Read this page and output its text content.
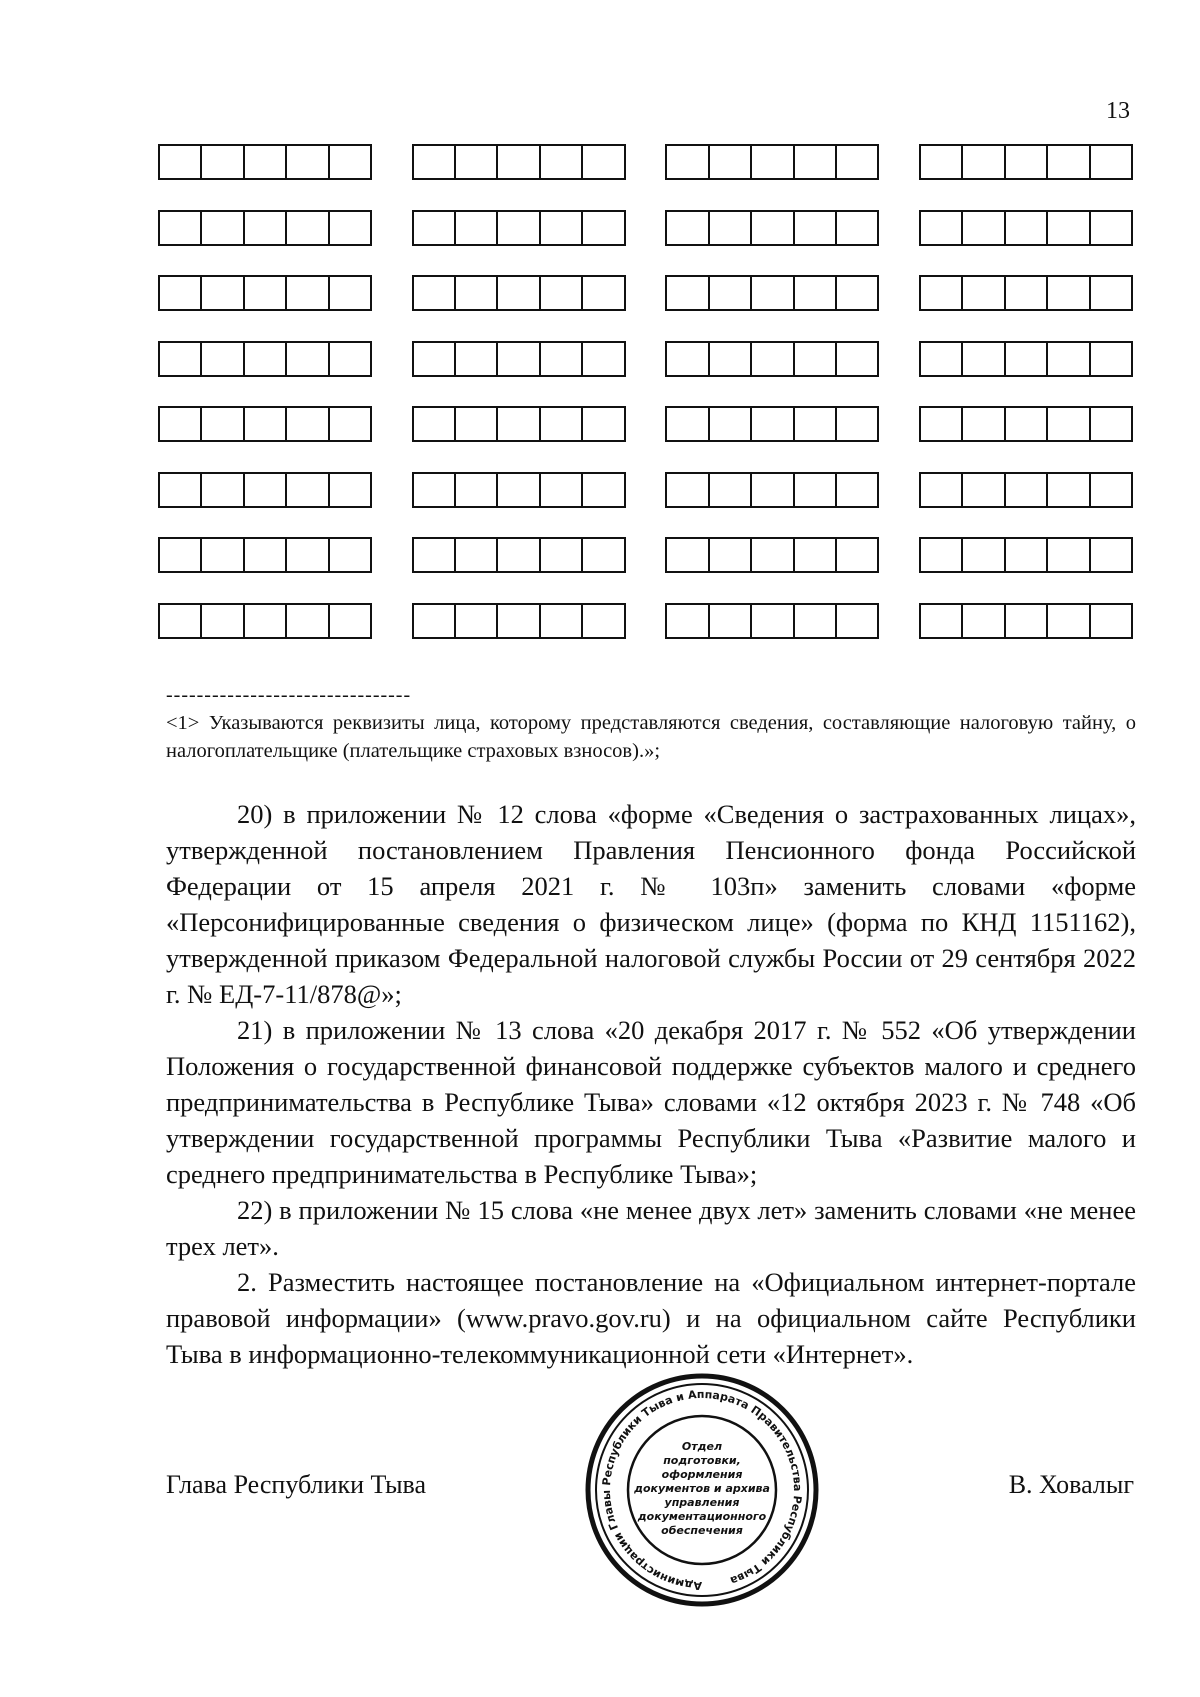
13
--------------------------------
<1> Указываются реквизиты лица, которому представляются сведения, составляющие налоговую тайну, о налогоплательщике (плательщике страховых взносов).»;

20) в приложении № 12 слова «форме «Сведения о застрахованных лицах», утвержденной постановлением Правления Пенсионного фонда Российской Федерации от 15 апреля 2021 г. № 103п» заменить словами «форме «Персонифицированные сведения о физическом лице» (форма по КНД 1151162), утвержденной приказом Федеральной налоговой службы России от 29 сентября 2022 г. № ЕД-7-11/878@»;

21) в приложении № 13 слова «20 декабря 2017 г. № 552 «Об утверждении Положения о государственной финансовой поддержке субъектов малого и среднего предпринимательства в Республике Тыва» словами «12 октября 2023 г. № 748 «Об утверждении государственной программы Республики Тыва «Развитие малого и среднего предпринимательства в Республике Тыва»;

22) в приложении № 15 слова «не менее двух лет» заменить словами «не менее трех лет».

2. Разместить настоящее постановление на «Официальном интернет-портале правовой информации» (www.pravo.gov.ru) и на официальном сайте Республики Тыва в информационно-телекоммуникационной сети «Интернет».

Глава Республики Тыва	В. Ховалыг
Администрации Главы Республики Тыва и Аппарата Правительства Республики Тыва
Отдел
подготовки,
оформления
документов и архива
управления
документационного
обеспечения
